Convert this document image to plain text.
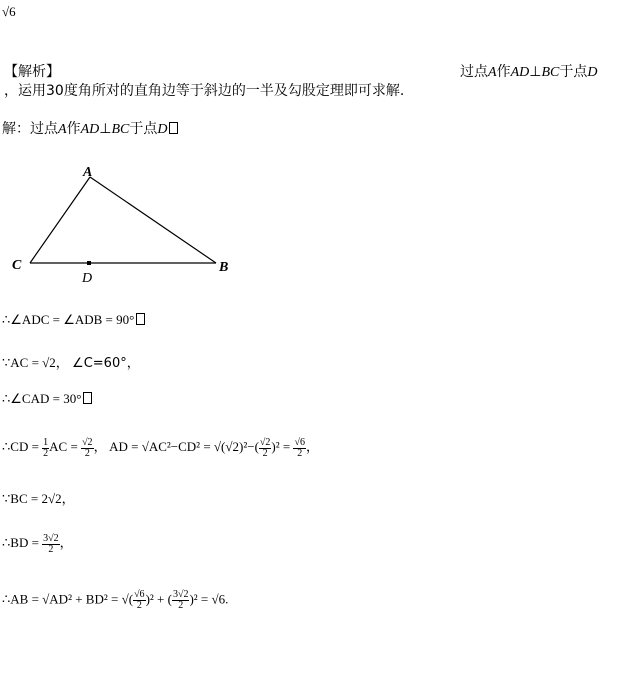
√6
【解析】	过点A作AD⊥BC于点D
，运用30度角所对的直角边等于斜边的一半及勾股定理即可求解.
解：过点A作AD⊥BC于点D
A
B
C
D
∴∠ADC = ∠ADB = 90°
∵AC = √2， ∠C=60°，
∴∠CAD = 30°
∴CD = $\frac{1}{2}$ AC = $\frac{√2}{2}$ ， AD = $√AC^2-CD^2 = √(√2)^2-( \frac{√2}{2} )^2 = \frac{√6}{2}$ ，
∵BC = 2√2，
∴BD = $\frac{3√2}{2}$ ，
∴AB = √AD² + BD² = √( $\frac{√6}{2} )^2$ + ( $\frac{3√2}{2} )^2 = √6$.
